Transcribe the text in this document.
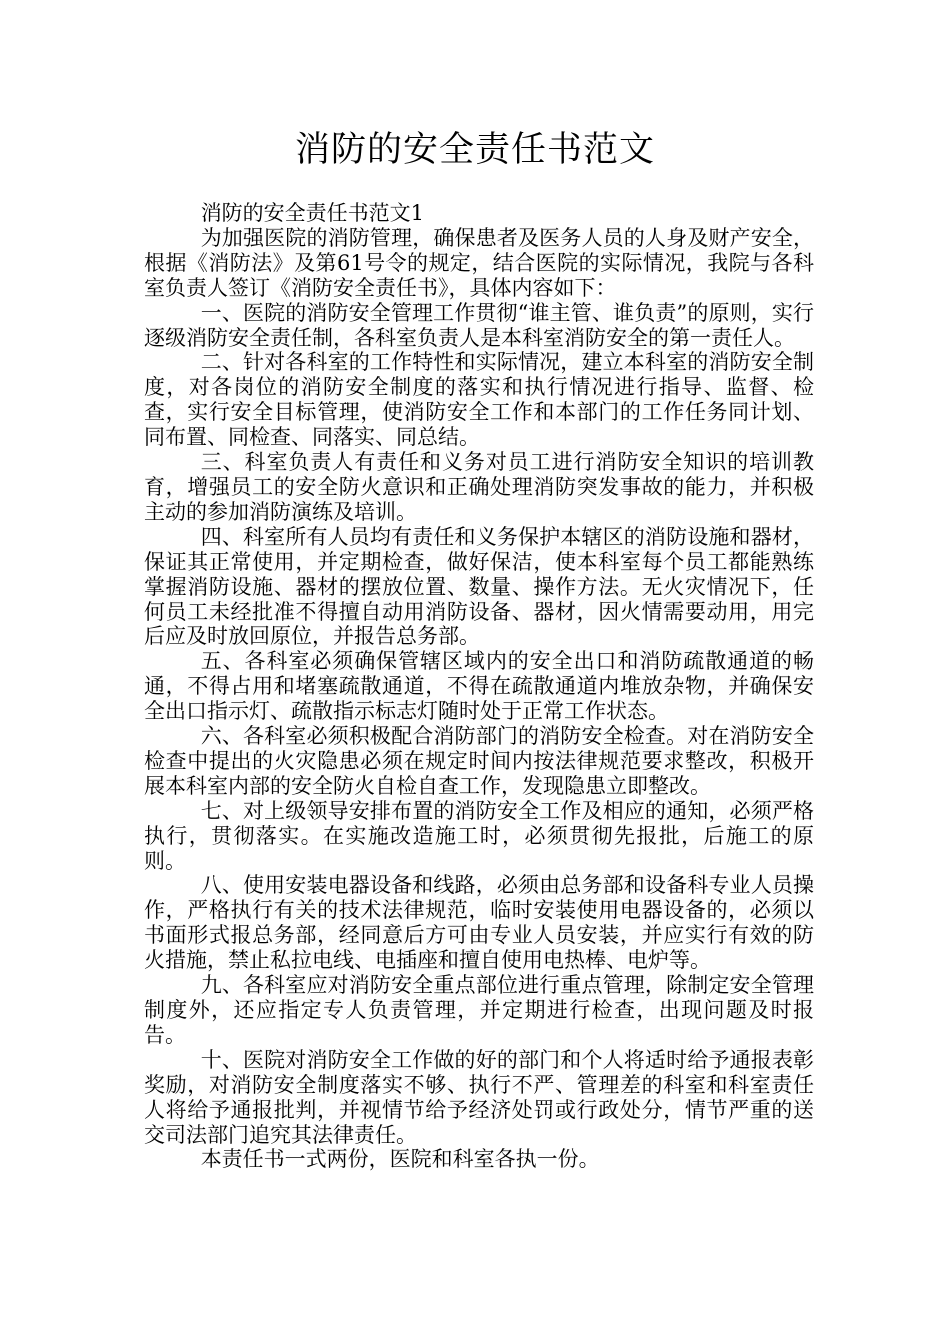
消防的安全责任书范文

消防的安全责任书范文1

为加强医院的消防管理，确保患者及医务人员的人身及财产安全，根据《消防法》及第61号令的规定，结合医院的实际情况，我院与各科室负责人签订《消防安全责任书》，具体内容如下：

一、医院的消防安全管理工作贯彻“谁主管、谁负责”的原则，实行逐级消防安全责任制，各科室负责人是本科室消防安全的第一责任人。

二、针对各科室的工作特性和实际情况，建立本科室的消防安全制度，对各岗位的消防安全制度的落实和执行情况进行指导、监督、检查，实行安全目标管理，使消防安全工作和本部门的工作任务同计划、同布置、同检查、同落实、同总结。

三、科室负责人有责任和义务对员工进行消防安全知识的培训教育，增强员工的安全防火意识和正确处理消防突发事故的能力，并积极主动的参加消防演练及培训。

四、科室所有人员均有责任和义务保护本辖区的消防设施和器材，保证其正常使用，并定期检查，做好保洁，使本科室每个员工都能熟练掌握消防设施、器材的摆放位置、数量、操作方法。无火灾情况下，任何员工未经批准不得擅自动用消防设备、器材，因火情需要动用，用完后应及时放回原位，并报告总务部。

五、各科室必须确保管辖区域内的安全出口和消防疏散通道的畅通，不得占用和堵塞疏散通道，不得在疏散通道内堆放杂物，并确保安全出口指示灯、疏散指示标志灯随时处于正常工作状态。

六、各科室必须积极配合消防部门的消防安全检查。对在消防安全检查中提出的火灾隐患必须在规定时间内按法律规范要求整改，积极开展本科室内部的安全防火自检自查工作，发现隐患立即整改。

七、对上级领导安排布置的消防安全工作及相应的通知，必须严格执行，贯彻落实。在实施改造施工时，必须贯彻先报批，后施工的原则。

八、使用安装电器设备和线路，必须由总务部和设备科专业人员操作，严格执行有关的技术法律规范，临时安装使用电器设备的，必须以书面形式报总务部，经同意后方可由专业人员安装，并应实行有效的防火措施，禁止私拉电线、电插座和擅自使用电热棒、电炉等。

九、各科室应对消防安全重点部位进行重点管理，除制定安全管理制度外，还应指定专人负责管理，并定期进行检查，出现问题及时报告。

十、医院对消防安全工作做的好的部门和个人将适时给予通报表彰奖励，对消防安全制度落实不够、执行不严、管理差的科室和科室责任人将给予通报批判，并视情节给予经济处罚或行政处分，情节严重的送交司法部门追究其法律责任。

本责任书一式两份，医院和科室各执一份。
